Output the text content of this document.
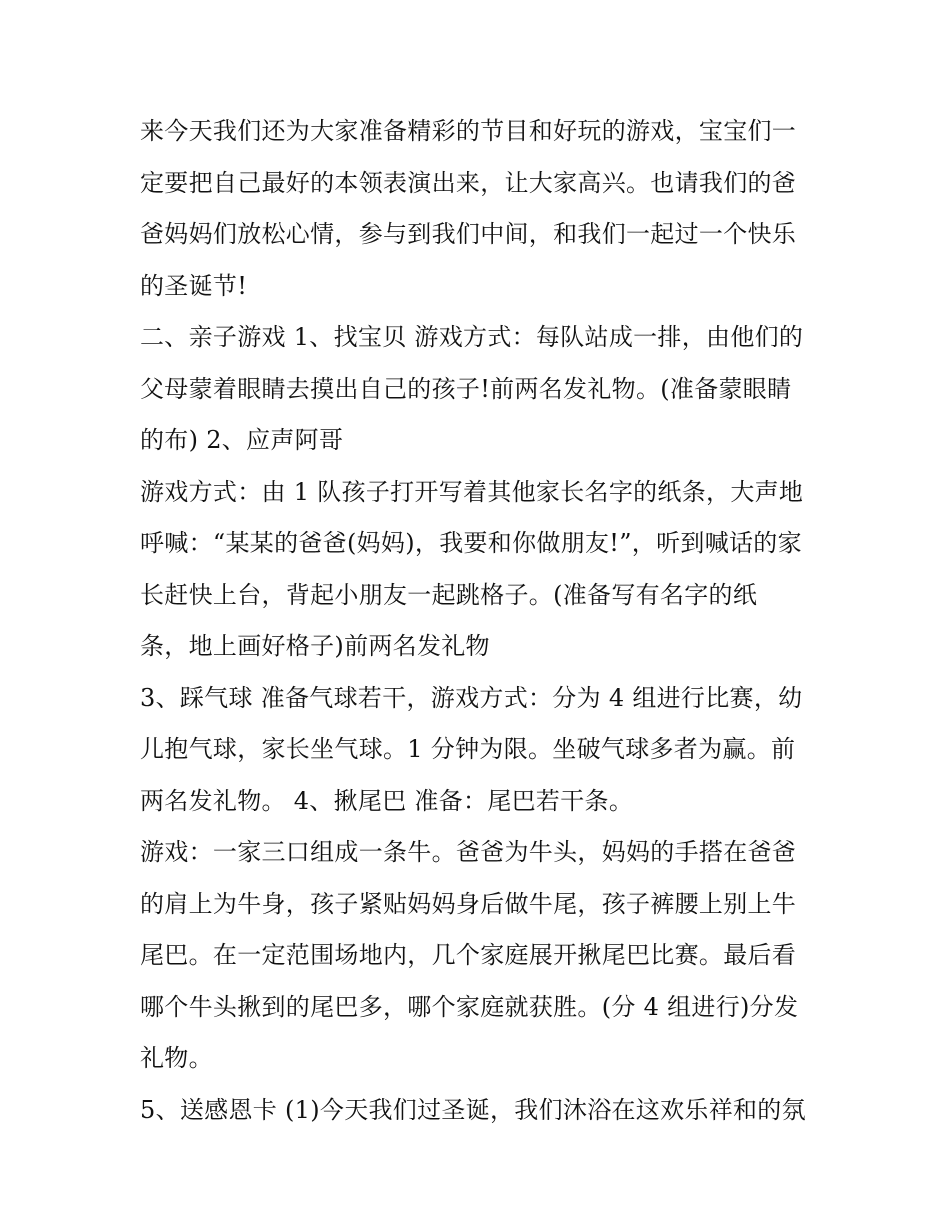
来今天我们还为大家准备精彩的节目和好玩的游戏，宝宝们一

定要把自己最好的本领表演出来，让大家高兴。也请我们的爸

爸妈妈们放松心情，参与到我们中间，和我们一起过一个快乐

的圣诞节!

二、亲子游戏 1、找宝贝 游戏方式：每队站成一排，由他们的

父母蒙着眼睛去摸出自己的孩子!前两名发礼物。(准备蒙眼睛

的布) 2、应声阿哥

游戏方式：由 1 队孩子打开写着其他家长名字的纸条，大声地

呼喊：“某某的爸爸(妈妈)，我要和你做朋友!”，听到喊话的家

长赶快上台，背起小朋友一起跳格子。(准备写有名字的纸

条，地上画好格子)前两名发礼物

3、踩气球 准备气球若干，游戏方式：分为 4 组进行比赛，幼

儿抱气球，家长坐气球。1 分钟为限。坐破气球多者为赢。前

两名发礼物。 4、揪尾巴 准备：尾巴若干条。

游戏：一家三口组成一条牛。爸爸为牛头，妈妈的手搭在爸爸

的肩上为牛身，孩子紧贴妈妈身后做牛尾，孩子裤腰上别上牛

尾巴。在一定范围场地内，几个家庭展开揪尾巴比赛。最后看

哪个牛头揪到的尾巴多，哪个家庭就获胜。(分 4 组进行)分发

礼物。

5、送感恩卡 (1)今天我们过圣诞，我们沐浴在这欢乐祥和的氛
